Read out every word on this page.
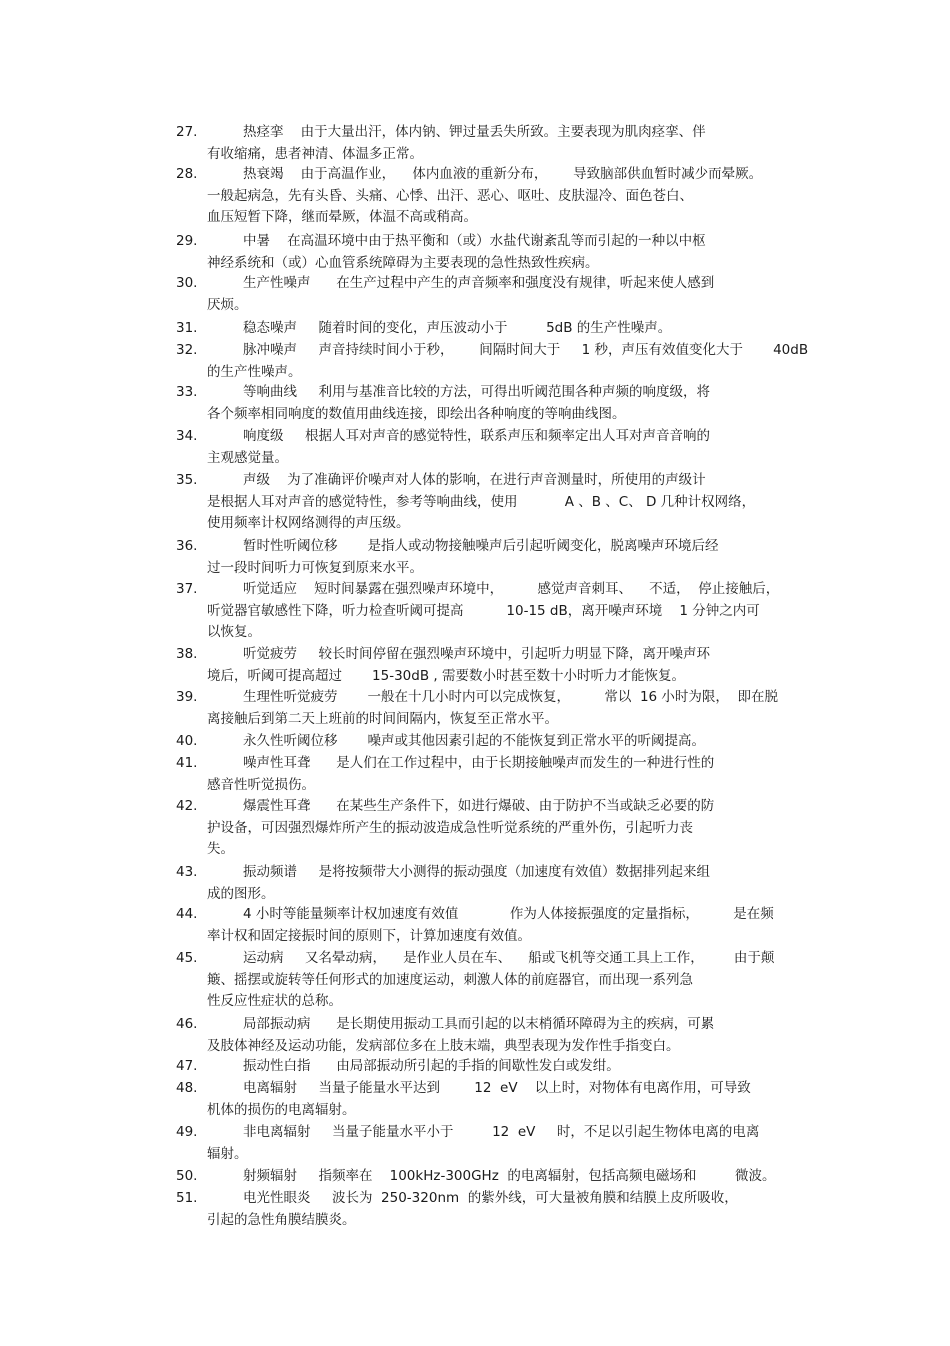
27.	热痉挛    由于大量出汗，体内钠、钾过量丢失所致。主要表现为肌肉痉挛、伴
有收缩痛，患者神清、体温多正常。
28.	热衰竭    由于高温作业，    体内血液的重新分布，      导致脑部供血暂时减少而晕厥。
一般起病急，先有头昏、头痛、心悸、出汗、恶心、呕吐、皮肤湿冷、面色苍白、
血压短暂下降，继而晕厥，体温不高或稍高。
29.	中暑    在高温环境中由于热平衡和（或）水盐代谢紊乱等而引起的一种以中枢
神经系统和（或）心血管系统障碍为主要表现的急性热致性疾病。
30.	生产性噪声      在生产过程中产生的声音频率和强度没有规律，听起来使人感到
厌烦。
31.	稳态噪声     随着时间的变化，声压波动小于         5dB 的生产性噪声。
32.	脉冲噪声     声音持续时间小于秒，      间隔时间大于     1 秒，声压有效值变化大于       40dB
的生产性噪声。
33.	等响曲线     利用与基准音比较的方法，可得出听阈范围各种声频的响度级，将
各个频率相同响度的数值用曲线连接，即绘出各种响度的等响曲线图。
34.	响度级     根据人耳对声音的感觉特性，联系声压和频率定出人耳对声音音响的
主观感觉量。
35.	声级    为了准确评价噪声对人体的影响，在进行声音测量时，所使用的声级计
是根据人耳对声音的感觉特性，参考等响曲线，使用           A 、B 、C、 D 几种计权网络，
使用频率计权网络测得的声压级。
36.	暂时性听阈位移       是指人或动物接触噪声后引起听阈变化，脱离噪声环境后经
过一段时间听力可恢复到原来水平。
37.	听觉适应    短时间暴露在强烈噪声环境中，        感觉声音刺耳、    不适，  停止接触后，
听觉器官敏感性下降，听力检查听阈可提高          10-15 dB，离开噪声环境    1 分钟之内可
以恢复。
38.	听觉疲劳     较长时间停留在强烈噪声环境中，引起听力明显下降，离开噪声环
境后，听阈可提高超过       15-30dB , 需要数小时甚至数十小时听力才能恢复。
39.	生理性听觉疲劳       一般在十几小时内可以完成恢复，        常以  16 小时为限，  即在脱
离接触后到第二天上班前的时间间隔内，恢复至正常水平。
40.	永久性听阈位移       噪声或其他因素引起的不能恢复到正常水平的听阈提高。
41.	噪声性耳聋      是人们在工作过程中，由于长期接触噪声而发生的一种进行性的
感音性听觉损伤。
42.	爆震性耳聋      在某些生产条件下，如进行爆破、由于防护不当或缺乏必要的防
护设备，可因强烈爆炸所产生的振动波造成急性听觉系统的严重外伤，引起听力丧
失。
43.	振动频谱     是将按频带大小测得的振动强度（加速度有效值）数据排列起来组
成的图形。
44.	4 小时等能量频率计权加速度有效值            作为人体接振强度的定量指标，        是在频
率计权和固定接振时间的原则下，计算加速度有效值。
45.	运动病     又名晕动病，    是作业人员在车、    船或飞机等交通工具上工作，       由于颠
簸、摇摆或旋转等任何形式的加速度运动，刺激人体的前庭器官，而出现一系列急
性反应性症状的总称。
46.	局部振动病      是长期使用振动工具而引起的以末梢循环障碍为主的疾病，可累
及肢体神经及运动功能，发病部位多在上肢末端，典型表现为发作性手指变白。
47.	振动性白指      由局部振动所引起的手指的间歇性发白或发绀。
48.	电离辐射     当量子能量水平达到        12  eV    以上时，对物体有电离作用，可导致
机体的损伤的电离辐射。
49.	非电离辐射     当量子能量水平小于         12  eV     时，不足以引起生物体电离的电离
辐射。
50.	射频辐射     指频率在    100kHz-300GHz  的电离辐射，包括高频电磁场和         微波。
51.	电光性眼炎     波长为  250-320nm  的紫外线，可大量被角膜和结膜上皮所吸收，
引起的急性角膜结膜炎。
